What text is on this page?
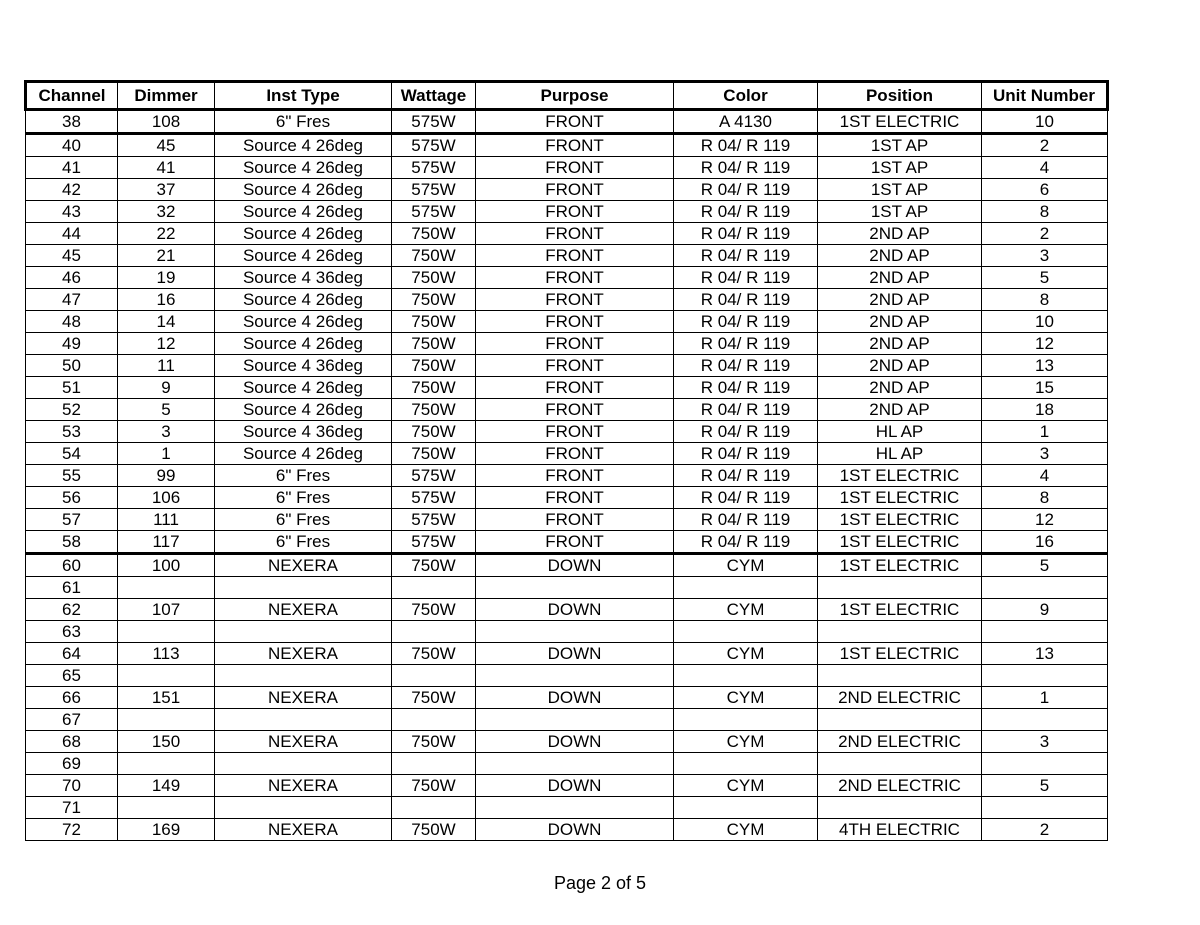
Channel	Dimmer	Inst Type	Wattage	Purpose	Color	Position	Unit Number
38	108	6" Fres	575W	FRONT	A 4130	1ST ELECTRIC	10
40	45	Source 4 26deg	575W	FRONT	R 04/ R 119	1ST AP	2
41	41	Source 4 26deg	575W	FRONT	R 04/ R 119	1ST AP	4
42	37	Source 4 26deg	575W	FRONT	R 04/ R 119	1ST AP	6
43	32	Source 4 26deg	575W	FRONT	R 04/ R 119	1ST AP	8
44	22	Source 4 26deg	750W	FRONT	R 04/ R 119	2ND AP	2
45	21	Source 4 26deg	750W	FRONT	R 04/ R 119	2ND AP	3
46	19	Source 4 36deg	750W	FRONT	R 04/ R 119	2ND AP	5
47	16	Source 4 26deg	750W	FRONT	R 04/ R 119	2ND AP	8
48	14	Source 4 26deg	750W	FRONT	R 04/ R 119	2ND AP	10
49	12	Source 4 26deg	750W	FRONT	R 04/ R 119	2ND AP	12
50	11	Source 4 36deg	750W	FRONT	R 04/ R 119	2ND AP	13
51	9	Source 4 26deg	750W	FRONT	R 04/ R 119	2ND AP	15
52	5	Source 4 26deg	750W	FRONT	R 04/ R 119	2ND AP	18
53	3	Source 4 36deg	750W	FRONT	R 04/ R 119	HL AP	1
54	1	Source 4 26deg	750W	FRONT	R 04/ R 119	HL AP	3
55	99	6" Fres	575W	FRONT	R 04/ R 119	1ST ELECTRIC	4
56	106	6" Fres	575W	FRONT	R 04/ R 119	1ST ELECTRIC	8
57	111	6" Fres	575W	FRONT	R 04/ R 119	1ST ELECTRIC	12
58	117	6" Fres	575W	FRONT	R 04/ R 119	1ST ELECTRIC	16
60	100	NEXERA	750W	DOWN	CYM	1ST ELECTRIC	5
61							
62	107	NEXERA	750W	DOWN	CYM	1ST ELECTRIC	9
63							
64	113	NEXERA	750W	DOWN	CYM	1ST ELECTRIC	13
65							
66	151	NEXERA	750W	DOWN	CYM	2ND ELECTRIC	1
67							
68	150	NEXERA	750W	DOWN	CYM	2ND ELECTRIC	3
69							
70	149	NEXERA	750W	DOWN	CYM	2ND ELECTRIC	5
71							
72	169	NEXERA	750W	DOWN	CYM	4TH ELECTRIC	2
Page 2 of 5
